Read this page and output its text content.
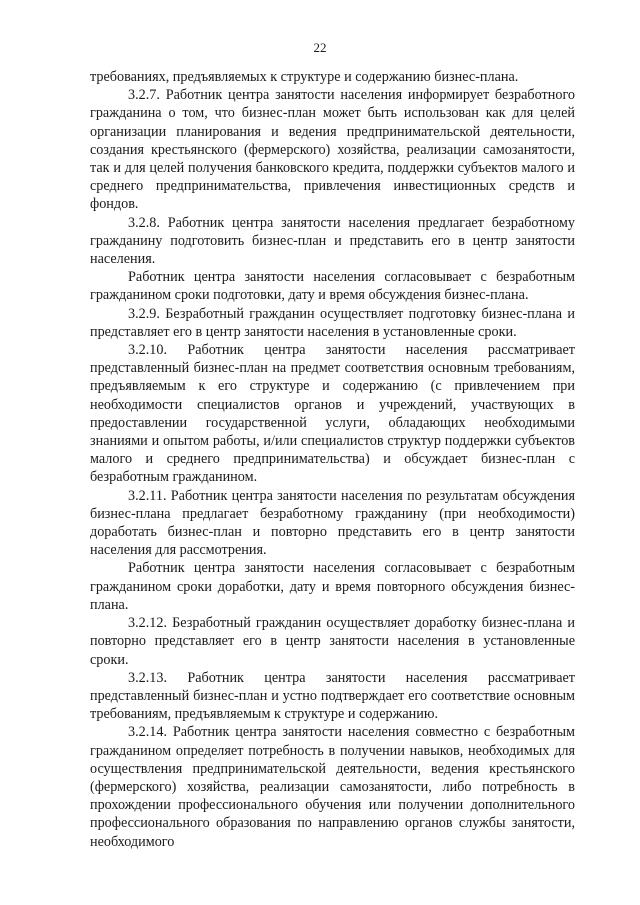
22

требованиях, предъявляемых к структуре и содержанию бизнес-плана.

3.2.7. Работник центра занятости населения информирует безработного гражданина о том, что бизнес-план может быть использован как для целей организации планирования и ведения предпринимательской деятельности, создания крестьянского (фермерского) хозяйства, реализации самозанятости, так и для целей получения банковского кредита, поддержки субъектов малого и среднего предпринимательства, привлечения инвестиционных средств и фондов.

3.2.8. Работник центра занятости населения предлагает безработному гражданину подготовить бизнес-план и представить его в центр занятости населения.

Работник центра занятости населения согласовывает с безработным гражданином сроки подготовки, дату и время обсуждения бизнес-плана.

3.2.9. Безработный гражданин осуществляет подготовку бизнес-плана и представляет его в центр занятости населения в установленные сроки.

3.2.10. Работник центра занятости населения рассматривает представленный бизнес-план на предмет соответствия основным требованиям, предъявляемым к его структуре и содержанию (с привлечением при необходимости специалистов органов и учреждений, участвующих в предоставлении государственной услуги, обладающих необходимыми знаниями и опытом работы, и/или специалистов структур поддержки субъектов малого и среднего предпринимательства) и обсуждает бизнес-план с безработным гражданином.

3.2.11. Работник центра занятости населения по результатам обсуждения бизнес-плана предлагает безработному гражданину (при необходимости) доработать бизнес-план и повторно представить его в центр занятости населения для рассмотрения.

Работник центра занятости населения согласовывает с безработным гражданином сроки доработки, дату и время повторного обсуждения бизнес-плана.

3.2.12. Безработный гражданин осуществляет доработку бизнес-плана и повторно представляет его в центр занятости населения в установленные сроки.

3.2.13. Работник центра занятости населения рассматривает представленный бизнес-план и устно подтверждает его соответствие основным требованиям, предъявляемым к структуре и содержанию.

3.2.14. Работник центра занятости населения совместно с безработным гражданином определяет потребность в получении навыков, необходимых для осуществления предпринимательской деятельности, ведения крестьянского (фермерского) хозяйства, реализации самозанятости, либо потребность в прохождении профессионального обучения или получении дополнительного профессионального образования по направлению органов службы занятости, необходимого
